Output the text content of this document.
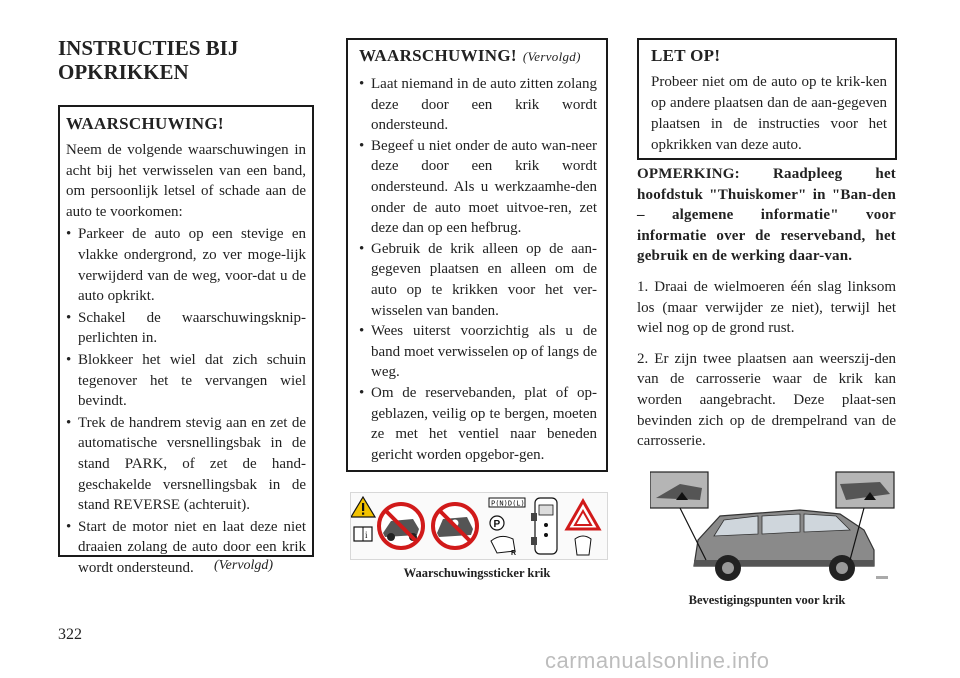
INSTRUCTIES BIJ
OPKRIKKEN
WAARSCHUWING!

Neem de volgende waarschuwingen in acht bij het verwisselen van een band, om persoonlijk letsel of schade aan de auto te voorkomen:

• Parkeer de auto op een stevige en vlakke ondergrond, zo ver moge-lijk verwijderd van de weg, voor-dat u de auto opkrikt.
• Schakel de waarschuwingsknip-perlichten in.
• Blokkeer het wiel dat zich schuin tegenover het te vervangen wiel bevindt.
• Trek de handrem stevig aan en zet de automatische versnellingsbak in de stand PARK, of zet de hand-geschakelde versnellingsbak in de stand REVERSE (achteruit).
• Start de motor niet en laat deze niet draaien zolang de auto door een krik wordt ondersteund.	(Vervolgd)
WAARSCHUWING! (Vervolgd)
• Laat niemand in de auto zitten zolang deze door een krik wordt ondersteund.
• Begeef u niet onder de auto wan-neer deze door een krik wordt ondersteund. Als u werkzaamhe-den onder de auto moet uitvoe-ren, zet deze dan op een hefbrug.
• Gebruik de krik alleen op de aan-gegeven plaatsen en alleen om de auto op te krikken voor het ver-wisselen van banden.
• Wees uiterst voorzichtig als u de band moet verwisselen op of langs de weg.
• Om de reservebanden, plat of op-geblazen, veilig op te bergen, moeten ze met het ventiel naar beneden gericht worden opgebor-gen.
i
P(N)D(L)
P
R
Waarschuwingssticker krik
LET OP!

Probeer niet om de auto op te krik-ken op andere plaatsen dan de aan-gegeven plaatsen in de instructies voor het opkrikken van deze auto.

OPMERKING: Raadpleeg het hoofdstuk "Thuiskomer" in "Ban-den – algemene informatie" voor informatie over de reserveband, het gebruik en de werking daar-van.

1. Draai de wielmoeren één slag linksom los (maar verwijder ze niet), terwijl het wiel nog op de grond rust.

2. Er zijn twee plaatsen aan weerszij-den van de carrosserie waar de krik kan worden aangebracht. Deze plaat-sen bevinden zich op de drempelrand van de carrosserie.

Bevestigingspunten voor krik
322
carmanualsonline.info
